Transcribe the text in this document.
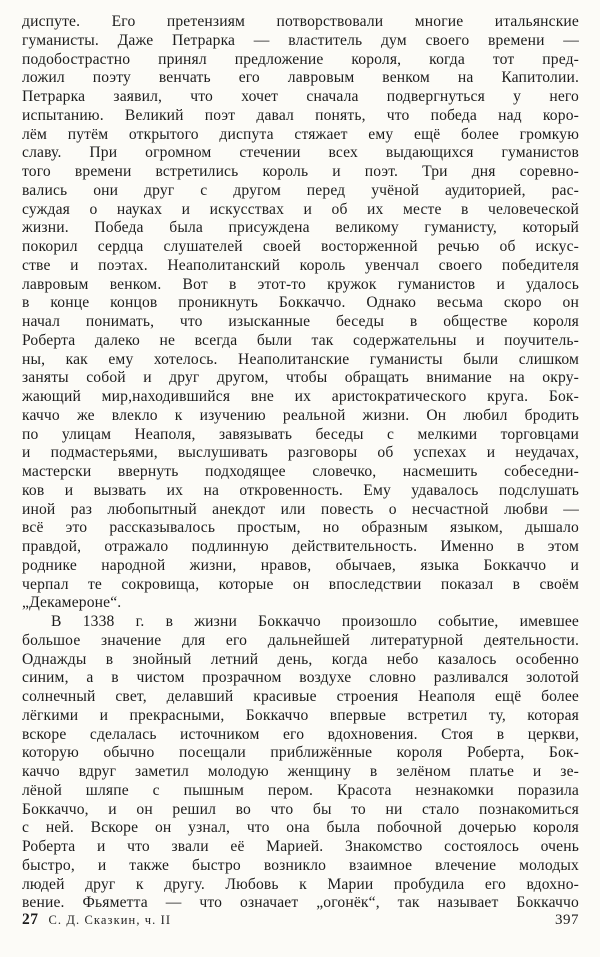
диспуте. Его претензиям потворствовали многие итальянские
гуманисты. Даже Петрарка — властитель дум своего времени —
подобострастно принял предложение короля, когда тот пред-
ложил поэту венчать его лавровым венком на Капитолии.
Петрарка заявил, что хочет сначала подвергнуться у него
испытанию. Великий поэт давал понять, что победа над коро-
лём путём открытого диспута стяжает ему ещё более громкую
славу. При огромном стечении всех выдающихся гуманистов
того времени встретились король и поэт. Три дня соревно-
вались они друг с другом перед учёной аудиторией, рас-
суждая о науках и искусствах и об их месте в человеческой
жизни. Победа была присуждена великому гуманисту, который
покорил сердца слушателей своей восторженной речью об искус-
стве и поэтах. Неаполитанский король увенчал своего победителя
лавровым венком. Вот в этот-то кружок гуманистов и удалось
в конце концов проникнуть Боккаччо. Однако весьма скоро он
начал понимать, что изысканные беседы в обществе короля
Роберта далеко не всегда были так содержательны и поучитель-
ны, как ему хотелось. Неаполитанские гуманисты были слишком
заняты собой и друг другом, чтобы обращать внимание на окру-
жающий мир,находившийся вне их аристократического круга. Бок-
каччо же влекло к изучению реальной жизни. Он любил бродить
по улицам Неаполя, завязывать беседы с мелкими торговцами
и подмастерьями, выслушивать разговоры об успехах и неудачах,
мастерски ввернуть подходящее словечко, насмешить собеседни-
ков и вызвать их на откровенность. Ему удавалось подслушать
иной раз любопытный анекдот или повесть о несчастной любви —
всё это рассказывалось простым, но образным языком, дышало
правдой, отражало подлинную действительность. Именно в этом
роднике народной жизни, нравов, обычаев, языка Боккаччо и
черпал те сокровища, которые он впоследствии показал в своём
„Декамероне“.
В 1338 г. в жизни Боккаччо произошло событие, имевшее
большое значение для его дальнейшей литературной деятельности.
Однажды в знойный летний день, когда небо казалось особенно
синим, а в чистом прозрачном воздухе словно разливался золотой
солнечный свет, делавший красивые строения Неаполя ещё более
лёгкими и прекрасными, Боккаччо впервые встретил ту, которая
вскоре сделалась источником его вдохновения. Стоя в церкви,
которую обычно посещали приближённые короля Роберта, Бок-
каччо вдруг заметил молодую женщину в зелёном платье и зе-
лёной шляпе с пышным пером. Красота незнакомки поразила
Боккаччо, и он решил во что бы то ни стало познакомиться
с ней. Вскоре он узнал, что она была побочной дочерью короля
Роберта и что звали её Марией. Знакомство состоялось очень
быстро, и также быстро возникло взаимное влечение молодых
людей друг к другу. Любовь к Марии пробудила его вдохно-
вение. Фьяметта — что означает „огонёк“, так называет Боккаччо
27 С. Д. Сказкин, ч. II	397
